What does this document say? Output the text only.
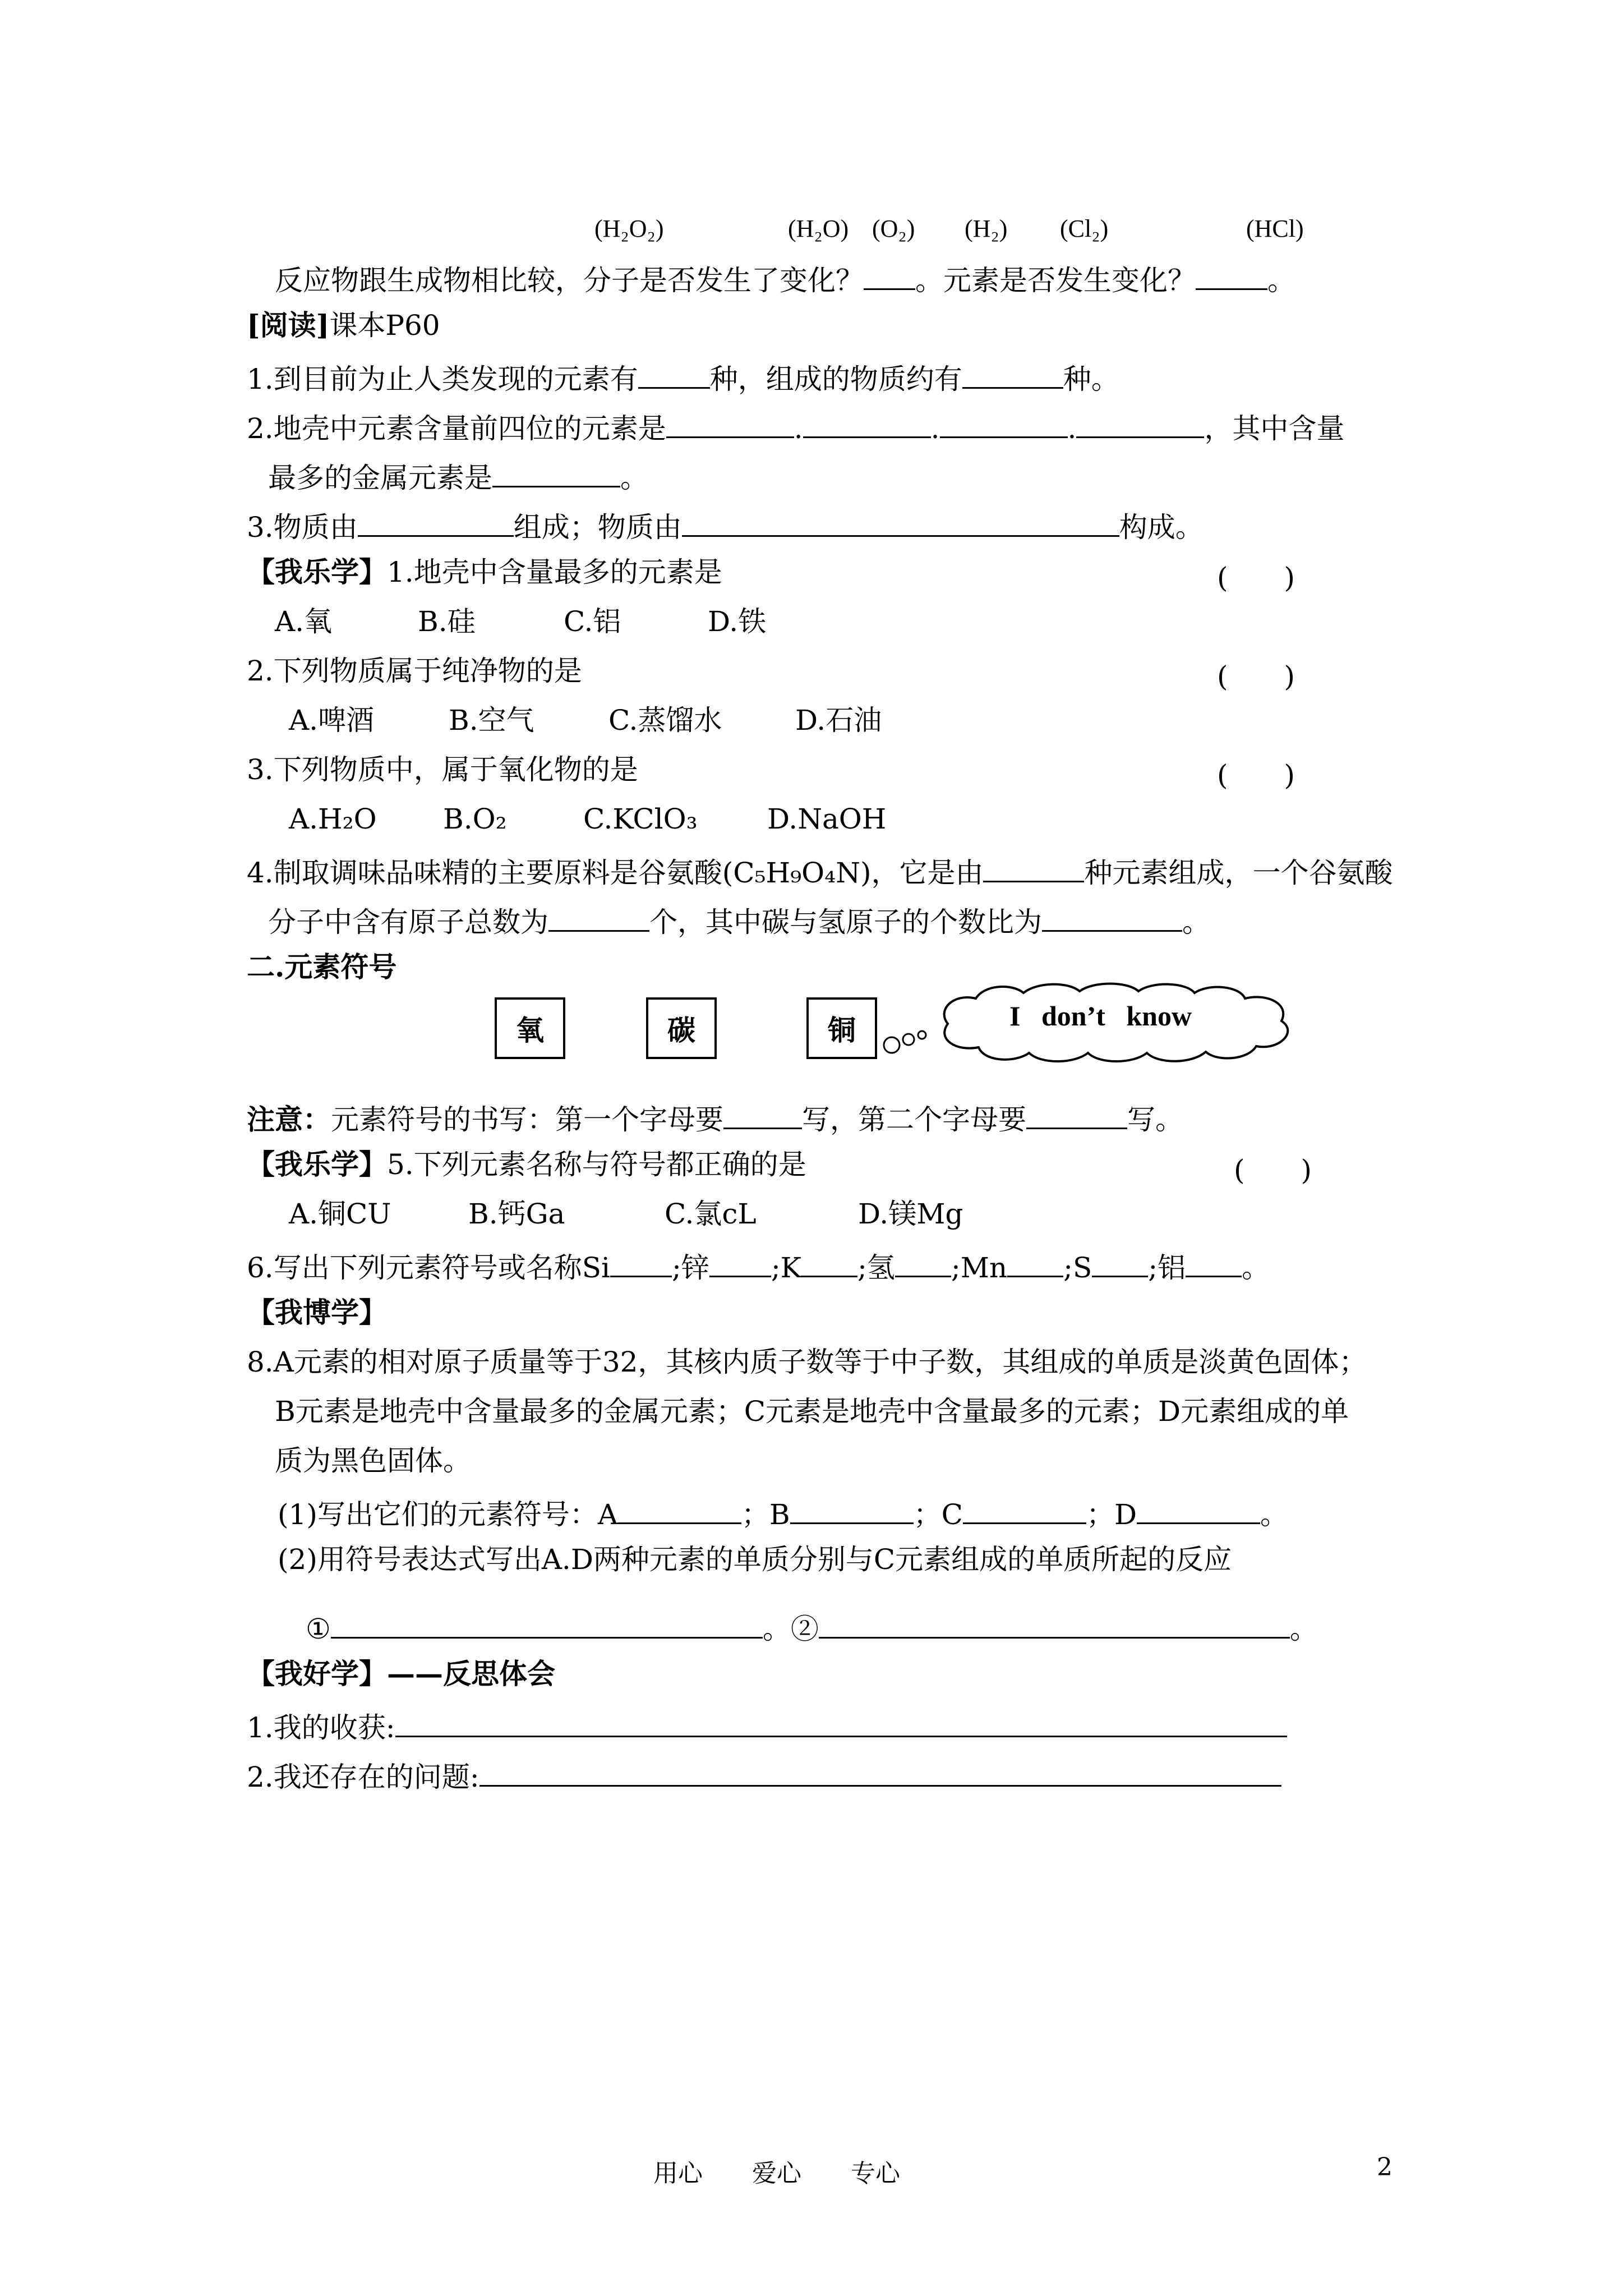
(H₂O₂)	(H₂O) (O₂) (H₂) (Cl₂)	(HCl)
反应物跟生成物相比较，分子是否发生了变化？ 。元素是否发生变化？	。
[阅读]课本P60
1.到目前为止人类发现的元素有	种，组成的物质约有	种。
2.地壳中元素含量前四位的元素是	.	.	.	，其中含量
最多的金属元素是	。
3.物质由	组成；物质由	构成。
【我乐学】1.地壳中含量最多的元素是	(　　)
A.氧	B.硅	C.铝	D.铁
2.下列物质属于纯净物的是	(　　)
A.啤酒	B.空气	C.蒸馏水	D.石油
3.下列物质中，属于氧化物的是	(　　)
A.H₂O B.O₂	C.KClO₃ D.NaOH
4.制取调味品味精的主要原料是谷氨酸(C₅H₉O₄N)，它是由	种元素组成，一个谷氨酸
分子中含有原子总数为	个，其中碳与氢原子的个数比为	。
二.元素符号
氧	碳	铜	I   don’t   know
注意：元素符号的书写：第一个字母要	写，第二个字母要	写。
【我乐学】5.下列元素名称与符号都正确的是	(　　)
A.铜CU	B.钙Ga	C.氯cL	D.镁Mg
6.写出下列元素符号或名称Si ;锌 ;K ;氢 ;Mn ;S ;铝 。
【我博学】
8.A元素的相对原子质量等于32，其核内质子数等于中子数，其组成的单质是淡黄色固体；
B元素是地壳中含量最多的金属元素；C元素是地壳中含量最多的元素；D元素组成的单
质为黑色固体。
(1)写出它们的元素符号：A	；B	；C	；D	。
(2)用符号表达式写出A.D两种元素的单质分别与C元素组成的单质所起的反应
①	。②	。
【我好学】——反思体会
1.我的收获:
2.我还存在的问题:
用心　　爱心　　专心	2
